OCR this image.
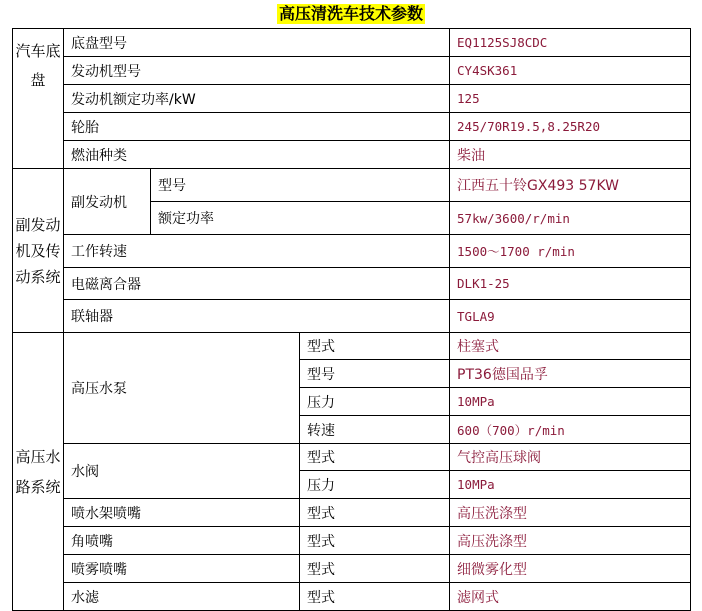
高压清洗车技术参数
汽车底盘	底盘型号			EQ1125SJ8CDC
	发动机型号			CY4SK361
	发动机额定功率/kW			125
	轮胎			245/70R19.5,8.25R20
	燃油种类			柴油
副发动机及传动系统	副发动机	型号		江西五十铃GX493 57KW
		额定功率		57kw/3600/r/min
	工作转速			1500～1700 r/min
	电磁离合器			DLK1-25
	联轴器			TGLA9
高压水路系统	高压水泵		型式	柱塞式
			型号	PT36德国品孚
			压力	10MPa
			转速	600（700）r/min
	水阀		型式	气控高压球阀
			压力	10MPa
	喷水架喷嘴		型式	高压洗涤型
	角喷嘴		型式	高压洗涤型
	喷雾喷嘴		型式	细微雾化型
	水滤		型式	滤网式
